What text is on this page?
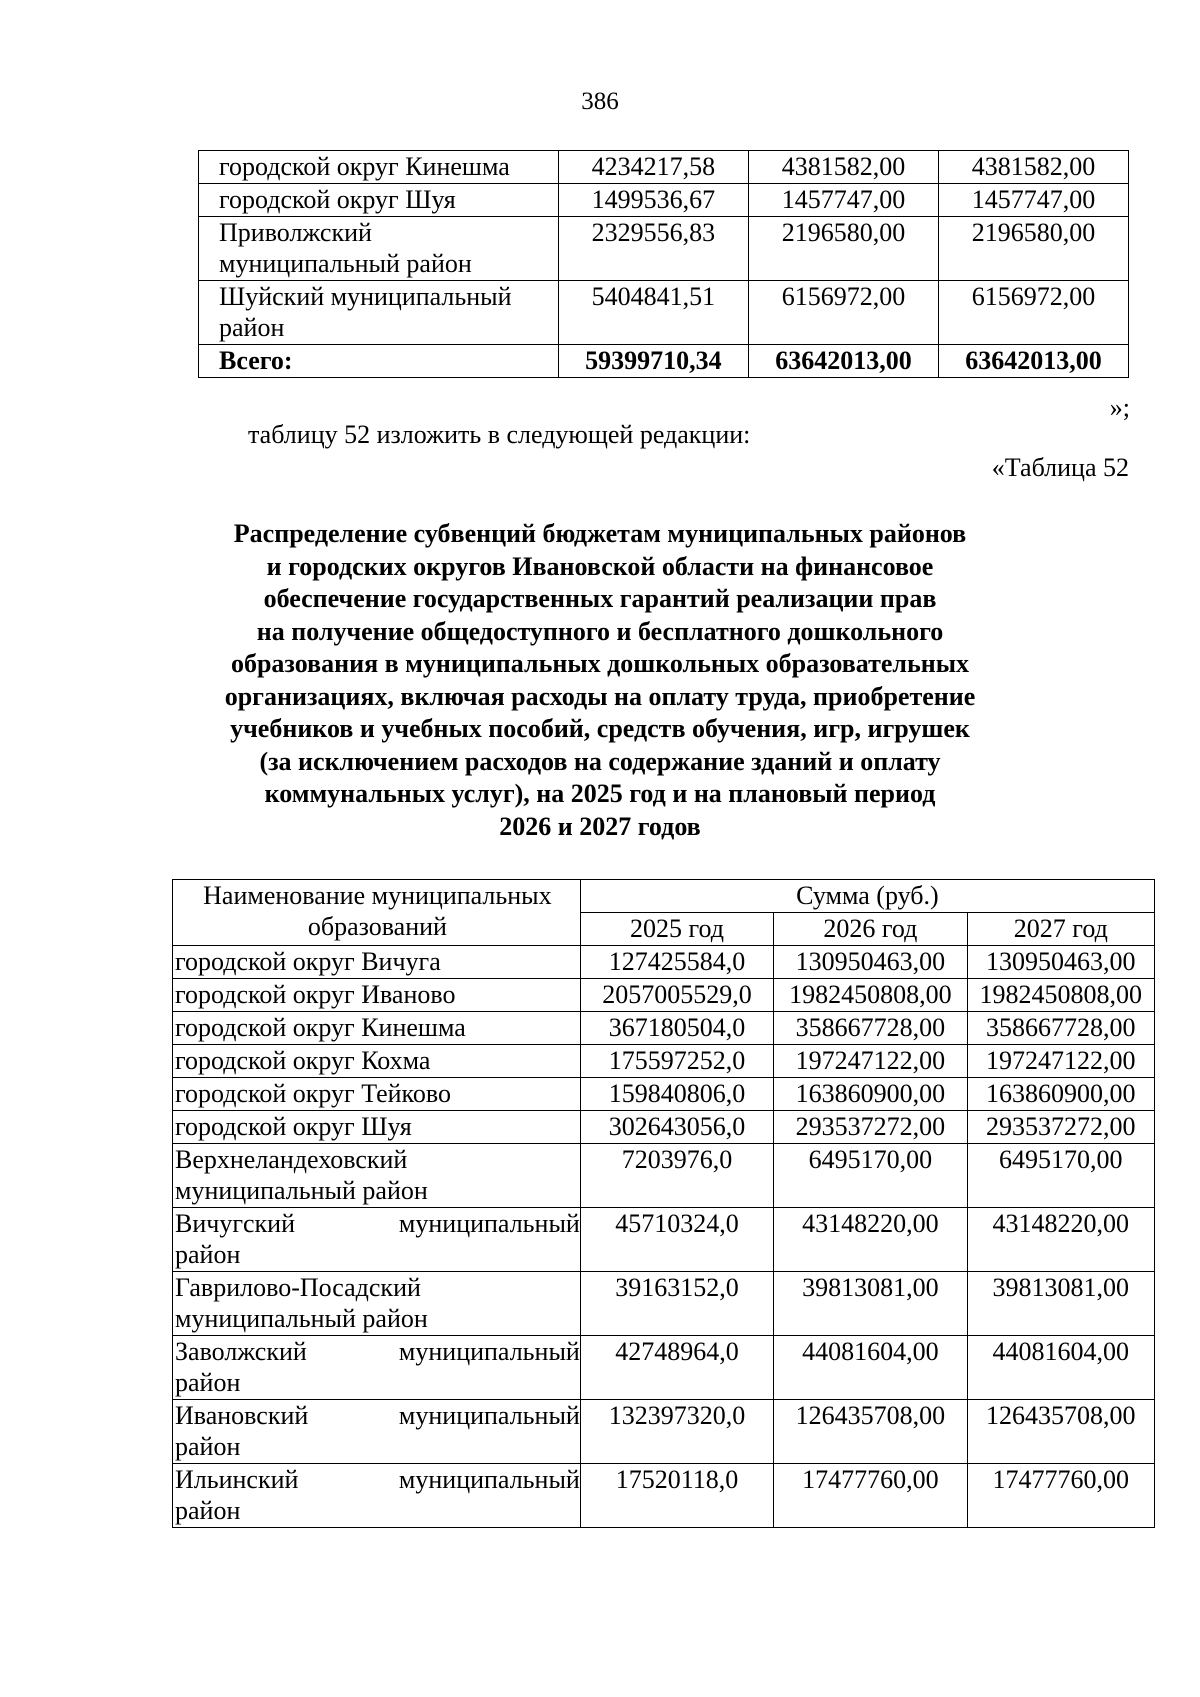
386
городской округ Кинешма	4234217,58	4381582,00	4381582,00
городской округ Шуя	1499536,67	1457747,00	1457747,00
Приволжский муниципальный район	2329556,83	2196580,00	2196580,00
Шуйский муниципальный район	5404841,51	6156972,00	6156972,00
Всего:	59399710,34	63642013,00	63642013,00
»;
таблицу 52 изложить в следующей редакции:
«Таблица 52
Распределение субвенций бюджетам муниципальных районов
и городских округов Ивановской области на финансовое
обеспечение государственных гарантий реализации прав
на получение общедоступного и бесплатного дошкольного
образования в муниципальных дошкольных образовательных
организациях, включая расходы на оплату труда, приобретение
учебников и учебных пособий, средств обучения, игр, игрушек
(за исключением расходов на содержание зданий и оплату
коммунальных услуг), на 2025 год и на плановый период
2026 и 2027 годов
Наименование муниципальных образований	Сумма (руб.)		
	2025 год	2026 год	2027 год
городской округ Вичуга	127425584,0	130950463,00	130950463,00
городской округ Иваново	2057005529,0	1982450808,00	1982450808,00
городской округ Кинешма	367180504,0	358667728,00	358667728,00
городской округ Кохма	175597252,0	197247122,00	197247122,00
городской округ Тейково	159840806,0	163860900,00	163860900,00
городской округ Шуя	302643056,0	293537272,00	293537272,00
Верхнеландеховский муниципальный район	7203976,0	6495170,00	6495170,00

Вичугский муниципальный
район	45710324,0	43148220,00	43148220,00
Гаврилово-Посадский муниципальный район	39163152,0	39813081,00	39813081,00

Заволжский муниципальный
район	42748964,0	44081604,00	44081604,00

Ивановский муниципальный
район	132397320,0	126435708,00	126435708,00

Ильинский муниципальный
район	17520118,0	17477760,00	17477760,00
